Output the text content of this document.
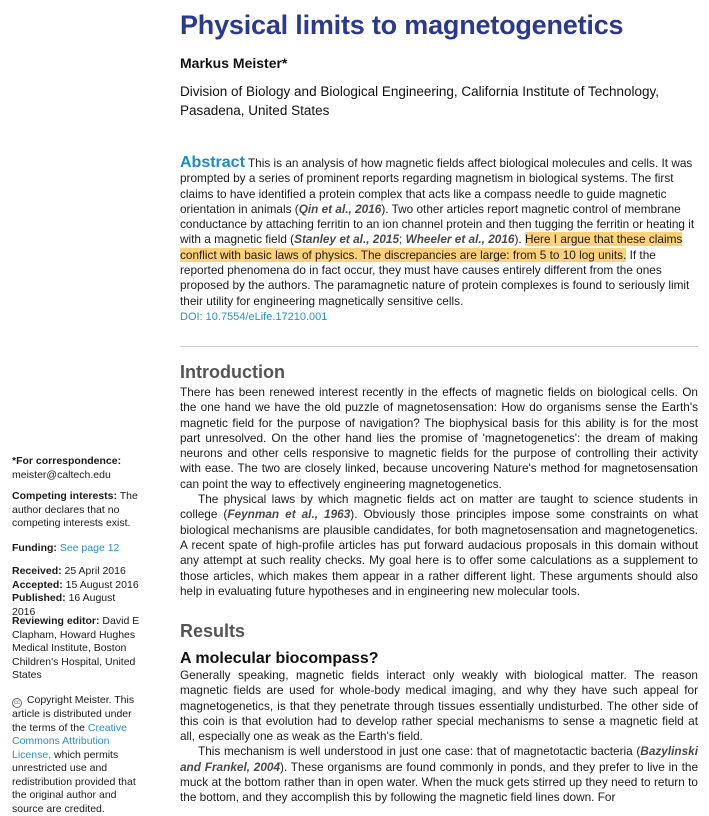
Physical limits to magnetogenetics
Markus Meister*
Division of Biology and Biological Engineering, California Institute of Technology, Pasadena, United States
Abstract This is an analysis of how magnetic fields affect biological molecules and cells. It was prompted by a series of prominent reports regarding magnetism in biological systems. The first claims to have identified a protein complex that acts like a compass needle to guide magnetic orientation in animals (Qin et al., 2016). Two other articles report magnetic control of membrane conductance by attaching ferritin to an ion channel protein and then tugging the ferritin or heating it with a magnetic field (Stanley et al., 2015; Wheeler et al., 2016). Here I argue that these claims conflict with basic laws of physics. The discrepancies are large: from 5 to 10 log units. If the reported phenomena do in fact occur, they must have causes entirely different from the ones proposed by the authors. The paramagnetic nature of protein complexes is found to seriously limit their utility for engineering magnetically sensitive cells.
DOI: 10.7554/eLife.17210.001
Introduction

There has been renewed interest recently in the effects of magnetic fields on biological cells. On the one hand we have the old puzzle of magnetosensation: How do organisms sense the Earth's magnetic field for the purpose of navigation? The biophysical basis for this ability is for the most part unresolved. On the other hand lies the promise of 'magnetogenetics': the dream of making neurons and other cells responsive to magnetic fields for the purpose of controlling their activity with ease. The two are closely linked, because uncovering Nature's method for magnetosensation can point the way to effectively engineering magnetogenetics.

The physical laws by which magnetic fields act on matter are taught to science students in college (Feynman et al., 1963). Obviously those principles impose some constraints on what biological mechanisms are plausible candidates, for both magnetosensation and magnetogenetics. A recent spate of high-profile articles has put forward audacious proposals in this domain without any attempt at such reality checks. My goal here is to offer some calculations as a supplement to those articles, which makes them appear in a rather different light. These arguments should also help in evaluating future hypotheses and in engineering new molecular tools.

Results
A molecular biocompass?

Generally speaking, magnetic fields interact only weakly with biological matter. The reason magnetic fields are used for whole-body medical imaging, and why they have such appeal for magnetogenetics, is that they penetrate through tissues essentially undisturbed. The other side of this coin is that evolution had to develop rather special mechanisms to sense a magnetic field at all, especially one as weak as the Earth's field.

This mechanism is well understood in just one case: that of magnetotactic bacteria (Bazylinski and Frankel, 2004). These organisms are found commonly in ponds, and they prefer to live in the muck at the bottom rather than in open water. When the muck gets stirred up they need to return to the bottom, and they accomplish this by following the magnetic field lines down. For

*For correspondence: meister@caltech.edu
Competing interests: The author declares that no competing interests exist.
Funding: See page 12
Received: 25 April 2016
Accepted: 15 August 2016
Published: 16 August 2016
Reviewing editor: David E Clapham, Howard Hughes Medical Institute, Boston Children's Hospital, United States
cc Copyright Meister. This article is distributed under the terms of the Creative Commons Attribution License, which permits unrestricted use and redistribution provided that the original author and source are credited.
